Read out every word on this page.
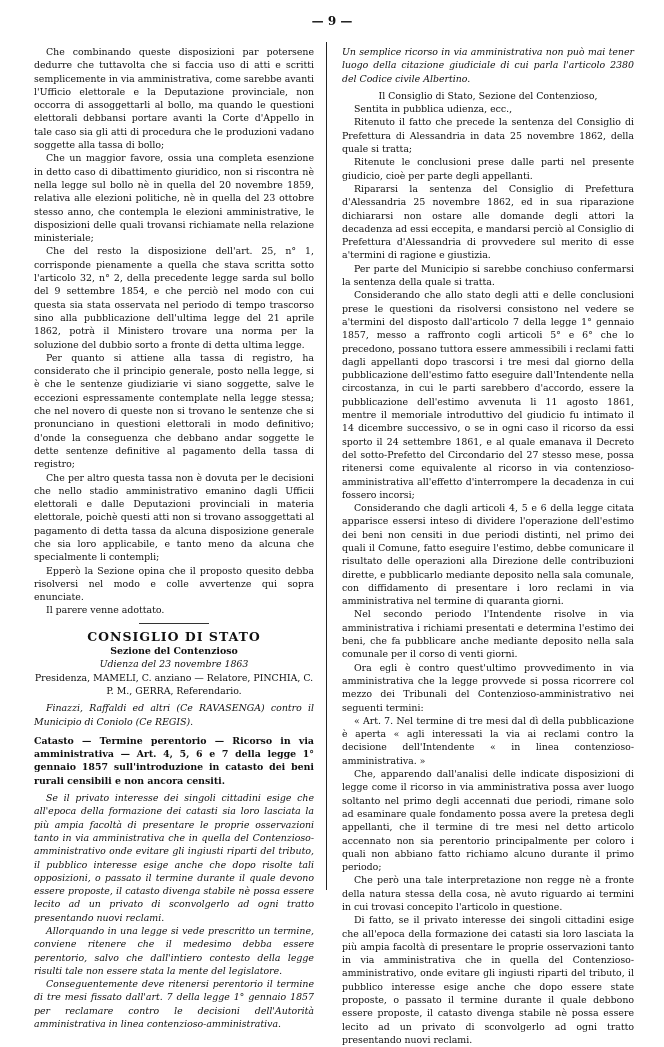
— 9 —

Che combinando queste disposizioni par potersene dedurre che tuttavolta che si faccia uso di atti e scritti semplicemente in via amministrativa, come sarebbe avanti l'Ufficio elettorale e la Deputazione provinciale, non occorra di assoggettarli al bollo, ma quando le questioni elettorali debbansi portare avanti la Corte d'Appello in tale caso sia gli atti di procedura che le produzioni vadano soggette alla tassa di bollo;

Che un maggior favore, ossia una completa esenzione in detto caso di dibattimento giuridico, non si riscontra nè nella legge sul bollo nè in quella del 20 novembre 1859, relativa alle elezioni politiche, nè in quella del 23 ottobre stesso anno, che contempla le elezioni amministrative, le disposizioni delle quali trovansi richiamate nella relazione ministeriale;

Che del resto la disposizione dell'art. 25, n° 1, corrisponde pienamente a quella che stava scritta sotto l'articolo 32, n° 2, della precedente legge sarda sul bollo del 9 settembre 1854, e che perciò nel modo con cui questa sia stata osservata nel periodo di tempo trascorso sino alla pubblicazione dell'ultima legge del 21 aprile 1862, potrà il Ministero trovare una norma per la soluzione del dubbio sorto a fronte di detta ultima legge.

Per quanto si attiene alla tassa di registro, ha considerato che il principio generale, posto nella legge, si è che le sentenze giudiziarie vi siano soggette, salve le eccezioni espressamente contemplate nella legge stessa; che nel novero di queste non si trovano le sentenze che si pronunciano in questioni elettorali in modo definitivo; d'onde la conseguenza che debbano andar soggette le dette sentenze definitive al pagamento della tassa di registro;

Che per altro questa tassa non è dovuta per le decisioni che nello stadio amministrativo emanino dagli Ufficii elettorali e dalle Deputazioni provinciali in materia elettorale, poichè questi atti non si trovano assoggettati al pagamento di detta tassa da alcuna disposizione generale che sia loro applicabile, e tanto meno da alcuna che specialmente li contempli;

Epperò la Sezione opina che il proposto quesito debba risolversi nel modo e colle avvertenze qui sopra enunciate.

Il parere venne adottato.

CONSIGLIO DI STATO
Sezione del Contenzioso

Udienza del 23 novembre 1863

Presidenza, MAMELI, C. anziano — Relatore, PINCHIA, C.

P. M., GERRA, Referendario.

Finazzi, Raffaldi ed altri (Ce RAVASENGA) contro il Municipio di Coniolo (Ce REGIS).

Catasto — Termine perentorio — Ricorso in via amministrativa — Art. 4, 5, 6 e 7 della legge 1° gennaio 1857 sull'introduzione in catasto dei beni rurali censibili e non ancora censiti.

Se il privato interesse dei singoli cittadini esige che all'epoca della formazione dei catasti sia loro lasciata la più ampia facoltà di presentare le proprie osservazioni tanto in via amministrativa che in quella del Contenzioso-amministrativo onde evitare gli ingiusti riparti del tributo, il pubblico interesse esige anche che dopo risolte tali opposizioni, o passato il termine durante il quale devono essere proposte, il catasto divenga stabile nè possa essere lecito ad un privato di sconvolgerlo ad ogni tratto presentando nuovi reclami.

Allorquando in una legge si vede prescritto un termine, conviene ritenere che il medesimo debba essere perentorio, salvo che dall'intiero contesto della legge risulti tale non essere stata la mente del legislatore.

Conseguentemente deve ritenersi perentorio il termine di tre mesi fissato dall'art. 7 della legge 1° gennaio 1857 per reclamare contro le decisioni dell'Autorità amministrativa in linea contenzioso-amministrativa.

Un semplice ricorso in via amministrativa non può mai tener luogo della citazione giudiciale di cui parla l'articolo 2380 del Codice civile Albertino.

Il Consiglio di Stato, Sezione del Contenzioso,

Sentita in pubblica udienza, ecc.,

Ritenuto il fatto che precede la sentenza del Consiglio di Prefettura di Alessandria in data 25 novembre 1862, della quale si tratta;

Ritenute le conclusioni prese dalle parti nel presente giudicio, cioè per parte degli appellanti.

Ripararsi la sentenza del Consiglio di Prefettura d'Alessandria 25 novembre 1862, ed in sua riparazione dichiararsi non ostare alle domande degli attori la decadenza ad essi eccepita, e mandarsi perciò al Consiglio di Prefettura d'Alessandria di provvedere sul merito di esse a'termini di ragione e giustizia.

Per parte del Municipio si sarebbe conchiuso confermarsi la sentenza della quale si tratta.

Considerando che allo stato degli atti e delle conclusioni prese le questioni da risolversi consistono nel vedere se a'termini del disposto dall'articolo 7 della legge 1° gennaio 1857, messo a raffronto cogli articoli 5° e 6° che lo precedono, possano tuttora essere ammessibili i reclami fatti dagli appellanti dopo trascorsi i tre mesi dal giorno della pubblicazione dell'estimo fatto eseguire dall'Intendente nella circostanza, in cui le parti sarebbero d'accordo, essere la pubblicazione dell'estimo avvenuta li 11 agosto 1861, mentre il memoriale introduttivo del giudicio fu intimato il 14 dicembre successivo, o se in ogni caso il ricorso da essi sporto il 24 settembre 1861, e al quale emanava il Decreto del sotto-Prefetto del Circondario del 27 stesso mese, possa ritenersi come equivalente al ricorso in via contenzioso-amministrativa all'effetto d'interrompere la decadenza in cui fossero incorsi;

Considerando che dagli articoli 4, 5 e 6 della legge citata apparisce essersi inteso di dividere l'operazione dell'estimo dei beni non censiti in due periodi distinti, nel primo dei quali il Comune, fatto eseguire l'estimo, debbe comunicare il risultato delle operazioni alla Direzione delle contribuzioni dirette, e pubblicarlo mediante deposito nella sala comunale, con diffidamento di presentare i loro reclami in via amministrativa nel termine di quaranta giorni.

Nel secondo periodo l'Intendente risolve in via amministrativa i richiami presentati e determina l'estimo dei beni, che fa pubblicare anche mediante deposito nella sala comunale per il corso di venti giorni.

Ora egli è contro quest'ultimo provvedimento in via amministrativa che la legge provvede si possa ricorrere col mezzo dei Tribunali del Contenzioso-amministrativo nei seguenti termini:

« Art. 7. Nel termine di tre mesi dal dì della pubblicazione è aperta « agli interessati la via ai reclami contro la decisione dell'Intendente « in linea contenzioso-amministrativa. »

Che, apparendo dall'analisi delle indicate disposizioni di legge come il ricorso in via amministrativa possa aver luogo soltanto nel primo degli accennati due periodi, rimane solo ad esaminare quale fondamento possa avere la pretesa degli appellanti, che il termine di tre mesi nel detto articolo accennato non sia perentorio principalmente per coloro i quali non abbiano fatto richiamo alcuno durante il primo periodo;

Che però una tale interpretazione non regge nè a fronte della natura stessa della cosa, nè avuto riguardo ai termini in cui trovasi concepito l'articolo in questione.

Di fatto, se il privato interesse dei singoli cittadini esige che all'epoca della formazione dei catasti sia loro lasciata la più ampia facoltà di presentare le proprie osservazioni tanto in via amministrativa che in quella del Contenzioso-amministrativo, onde evitare gli ingiusti riparti del tributo, il pubblico interesse esige anche che dopo essere state proposte, o passato il termine durante il quale debbono essere proposte, il catasto divenga stabile nè possa essere lecito ad un privato di sconvolgerlo ad ogni tratto presentando nuovi reclami.
